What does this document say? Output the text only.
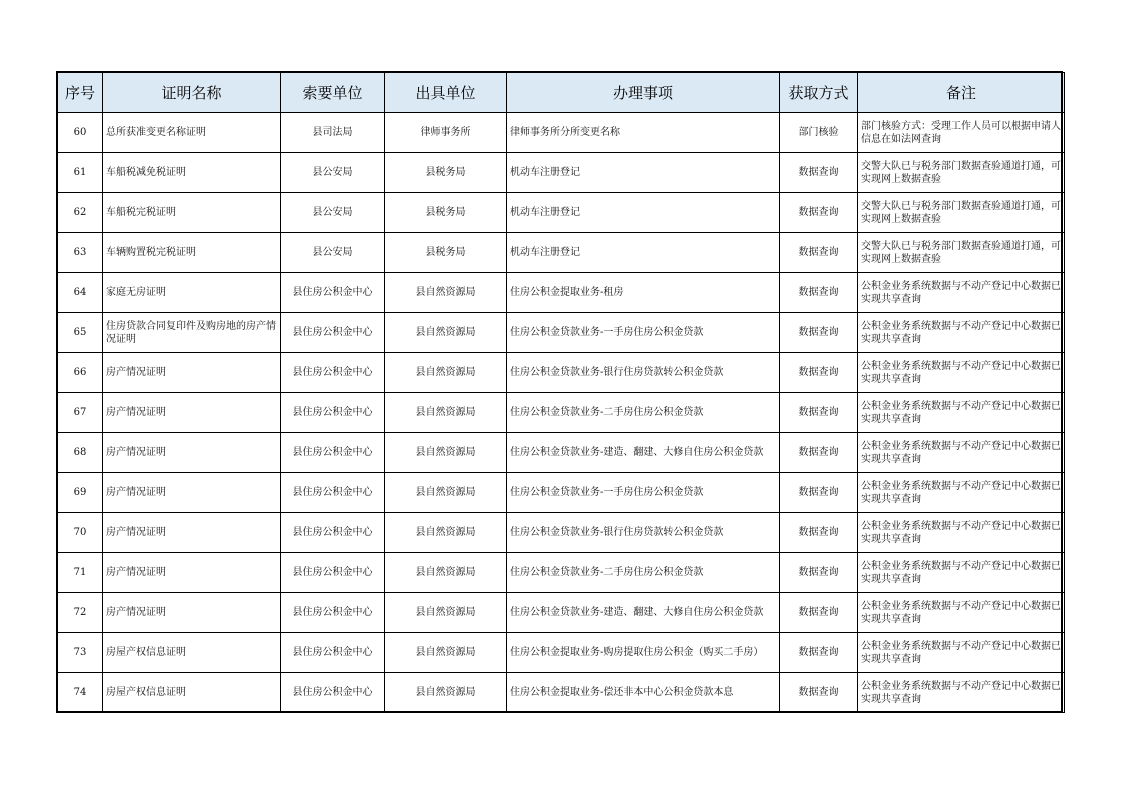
序号	证明名称	索要单位	出具单位	办理事项	获取方式	备注
60	总所获准变更名称证明	县司法局	律师事务所	律师事务所分所变更名称	部门核验	部门核验方式：受理工作人员可以根据申请人信息在如法网查询
61	车船税减免税证明	县公安局	县税务局	机动车注册登记	数据查询	交警大队已与税务部门数据查验通道打通，可实现网上数据查验
62	车船税完税证明	县公安局	县税务局	机动车注册登记	数据查询	交警大队已与税务部门数据查验通道打通，可实现网上数据查验
63	车辆购置税完税证明	县公安局	县税务局	机动车注册登记	数据查询	交警大队已与税务部门数据查验通道打通，可实现网上数据查验
64	家庭无房证明	县住房公积金中心	县自然资源局	住房公积金提取业务-租房	数据查询	公积金业务系统数据与不动产登记中心数据已实现共享查询
65	住房贷款合同复印件及购房地的房产情况证明	县住房公积金中心	县自然资源局	住房公积金贷款业务-一手房住房公积金贷款	数据查询	公积金业务系统数据与不动产登记中心数据已实现共享查询
66	房产情况证明	县住房公积金中心	县自然资源局	住房公积金贷款业务-银行住房贷款转公积金贷款	数据查询	公积金业务系统数据与不动产登记中心数据已实现共享查询
67	房产情况证明	县住房公积金中心	县自然资源局	住房公积金贷款业务-二手房住房公积金贷款	数据查询	公积金业务系统数据与不动产登记中心数据已实现共享查询
68	房产情况证明	县住房公积金中心	县自然资源局	住房公积金贷款业务-建造、翻建、大修自住房公积金贷款	数据查询	公积金业务系统数据与不动产登记中心数据已实现共享查询
69	房产情况证明	县住房公积金中心	县自然资源局	住房公积金贷款业务-一手房住房公积金贷款	数据查询	公积金业务系统数据与不动产登记中心数据已实现共享查询
70	房产情况证明	县住房公积金中心	县自然资源局	住房公积金贷款业务-银行住房贷款转公积金贷款	数据查询	公积金业务系统数据与不动产登记中心数据已实现共享查询
71	房产情况证明	县住房公积金中心	县自然资源局	住房公积金贷款业务-二手房住房公积金贷款	数据查询	公积金业务系统数据与不动产登记中心数据已实现共享查询
72	房产情况证明	县住房公积金中心	县自然资源局	住房公积金贷款业务-建造、翻建、大修自住房公积金贷款	数据查询	公积金业务系统数据与不动产登记中心数据已实现共享查询
73	房屋产权信息证明	县住房公积金中心	县自然资源局	住房公积金提取业务-购房提取住房公积金（购买二手房）	数据查询	公积金业务系统数据与不动产登记中心数据已实现共享查询
74	房屋产权信息证明	县住房公积金中心	县自然资源局	住房公积金提取业务-偿还非本中心公积金贷款本息	数据查询	公积金业务系统数据与不动产登记中心数据已实现共享查询
